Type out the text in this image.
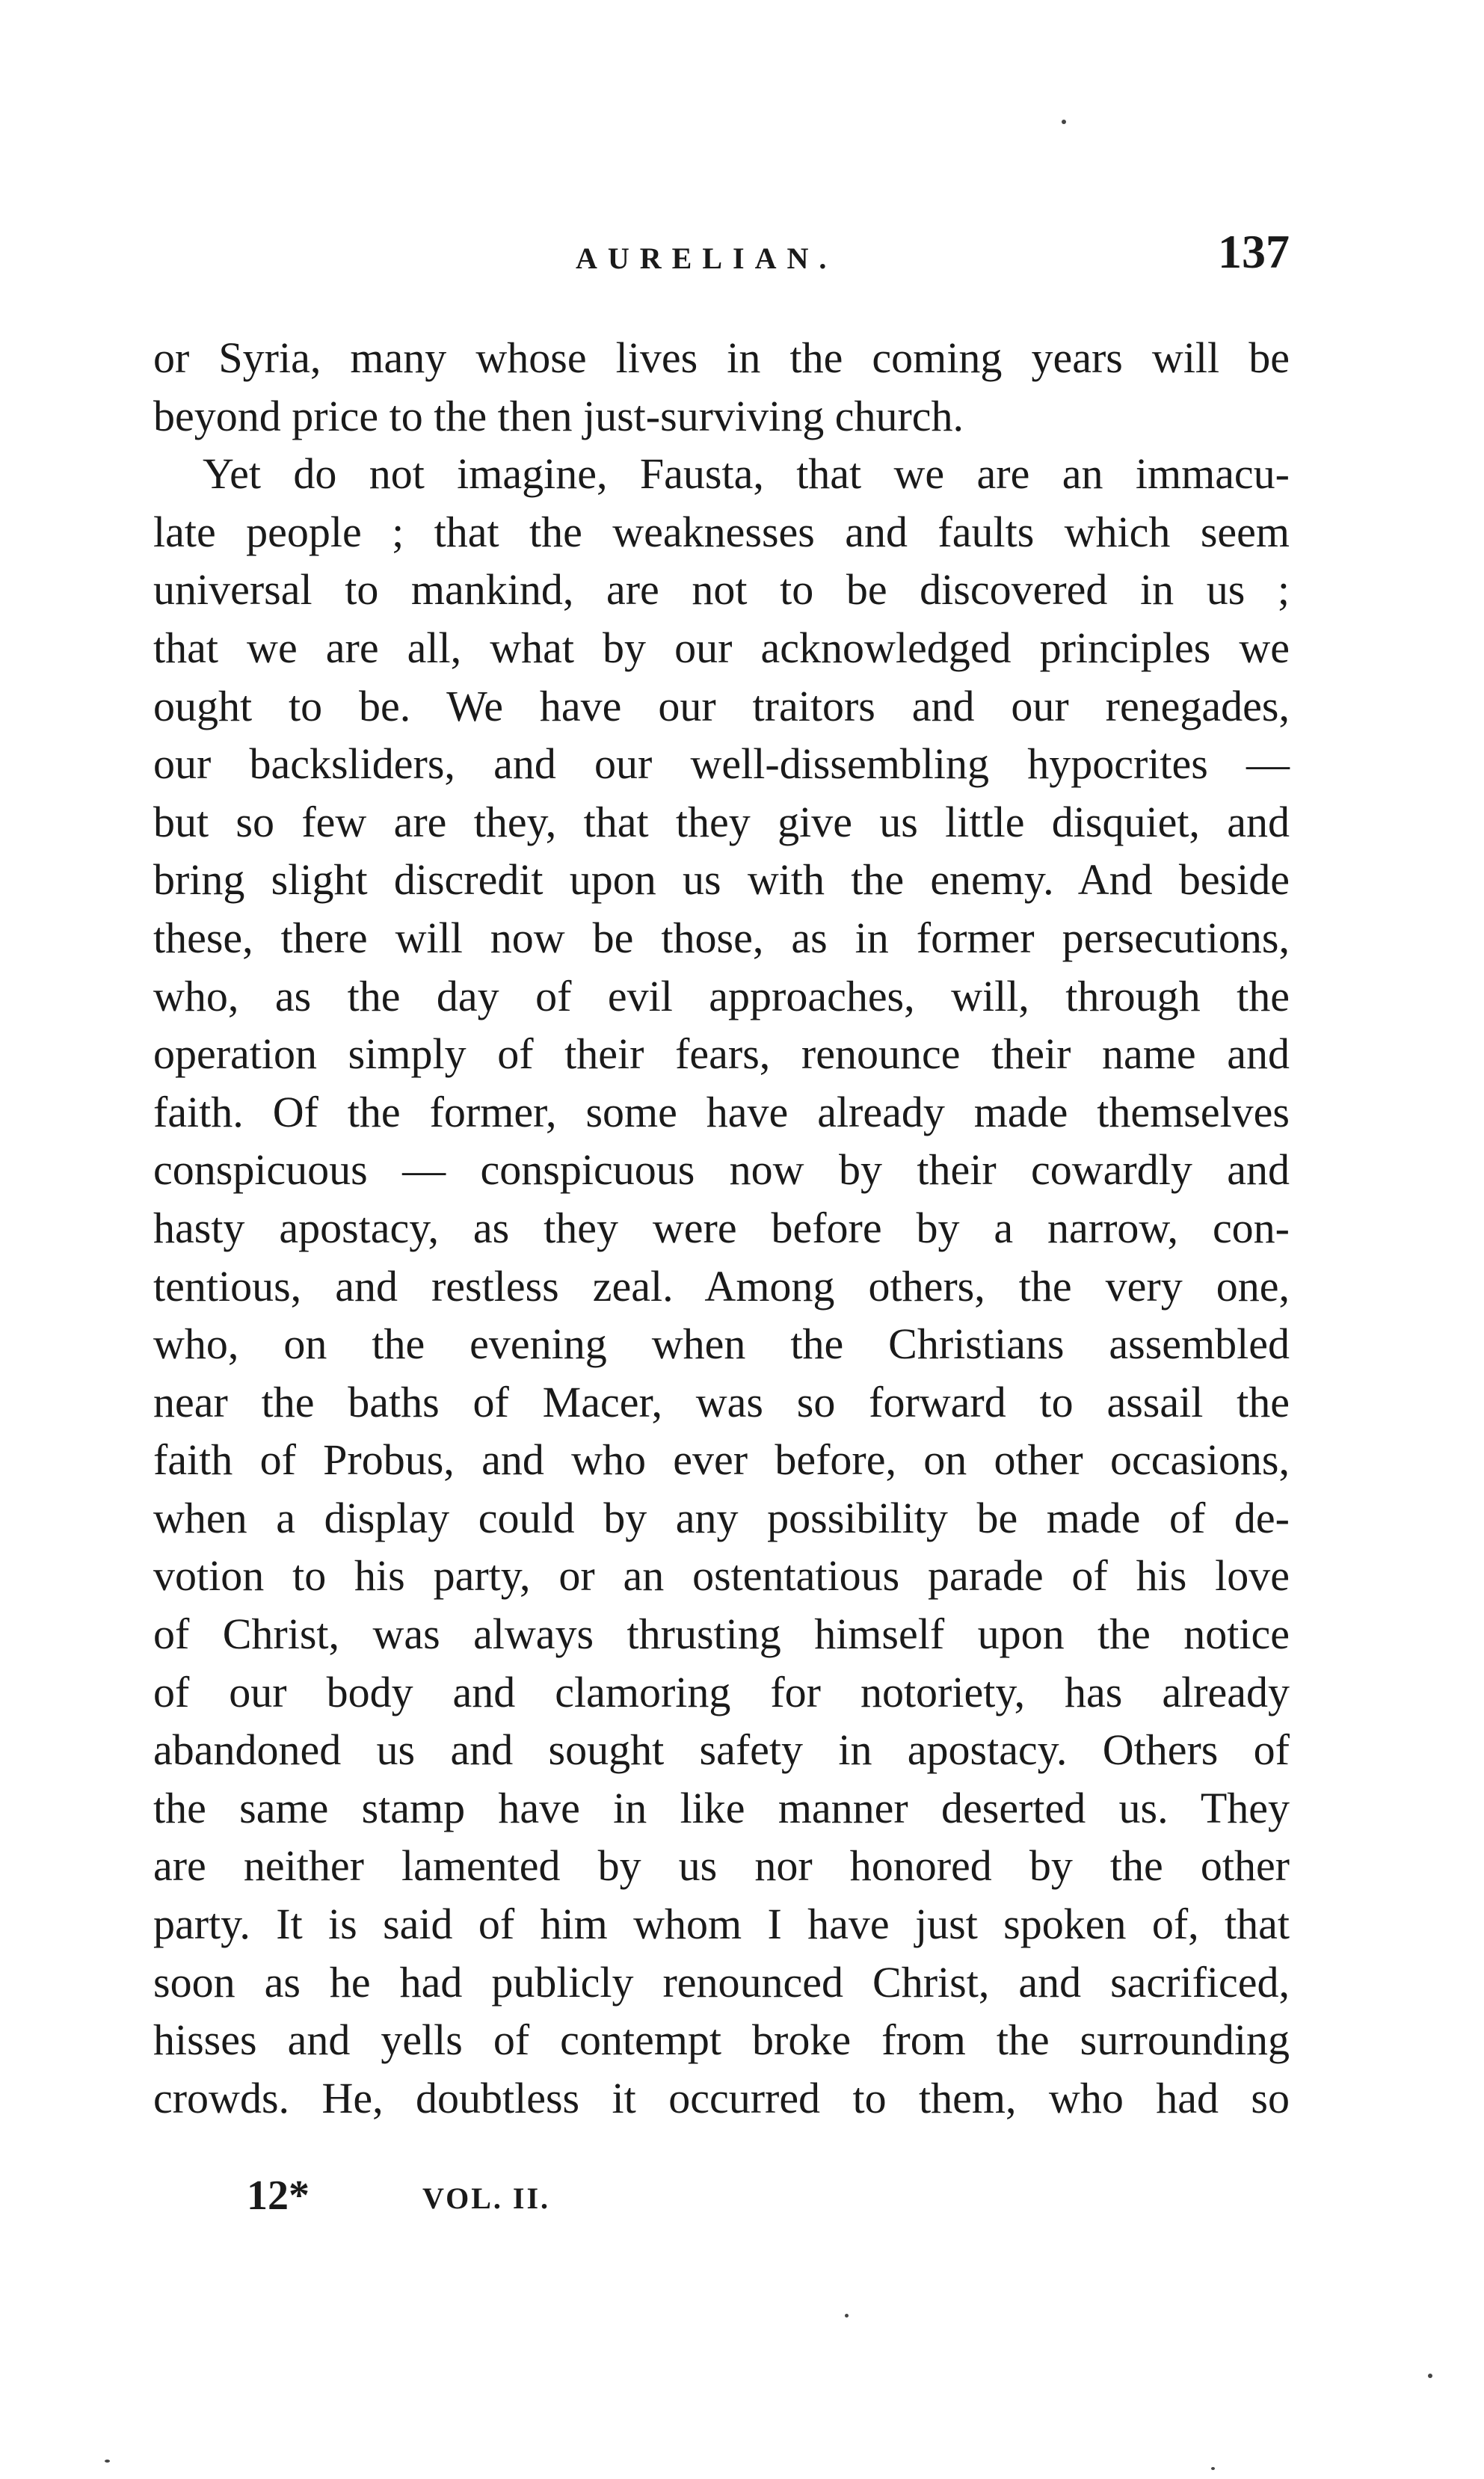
AURELIAN.	137
or Syria, many whose lives in the coming years will be
beyond price to the then just-surviving church.
Yet do not imagine, Fausta, that we are an immacu-
late people ; that the weaknesses and faults which seem
universal to mankind, are not to be discovered in us ;
that we are all, what by our acknowledged principles we
ought to be. We have our traitors and our renegades,
our backsliders, and our well-dissembling hypocrites —
but so few are they, that they give us little disquiet, and
bring slight discredit upon us with the enemy. And beside
these, there will now be those, as in former persecutions,
who, as the day of evil approaches, will, through the
operation simply of their fears, renounce their name and
faith. Of the former, some have already made themselves
conspicuous — conspicuous now by their cowardly and
hasty apostacy, as they were before by a narrow, con-
tentious, and restless zeal. Among others, the very one,
who, on the evening when the Christians assembled
near the baths of Macer, was so forward to assail the
faith of Probus, and who ever before, on other occasions,
when a display could by any possibility be made of de-
votion to his party, or an ostentatious parade of his love
of Christ, was always thrusting himself upon the notice
of our body and clamoring for notoriety, has already
abandoned us and sought safety in apostacy. Others of
the same stamp have in like manner deserted us. They
are neither lamented by us nor honored by the other
party. It is said of him whom I have just spoken of, that
soon as he had publicly renounced Christ, and sacrificed,
hisses and yells of contempt broke from the surrounding
crowds. He, doubtless it occurred to them, who had so
12*	VOL. II.
